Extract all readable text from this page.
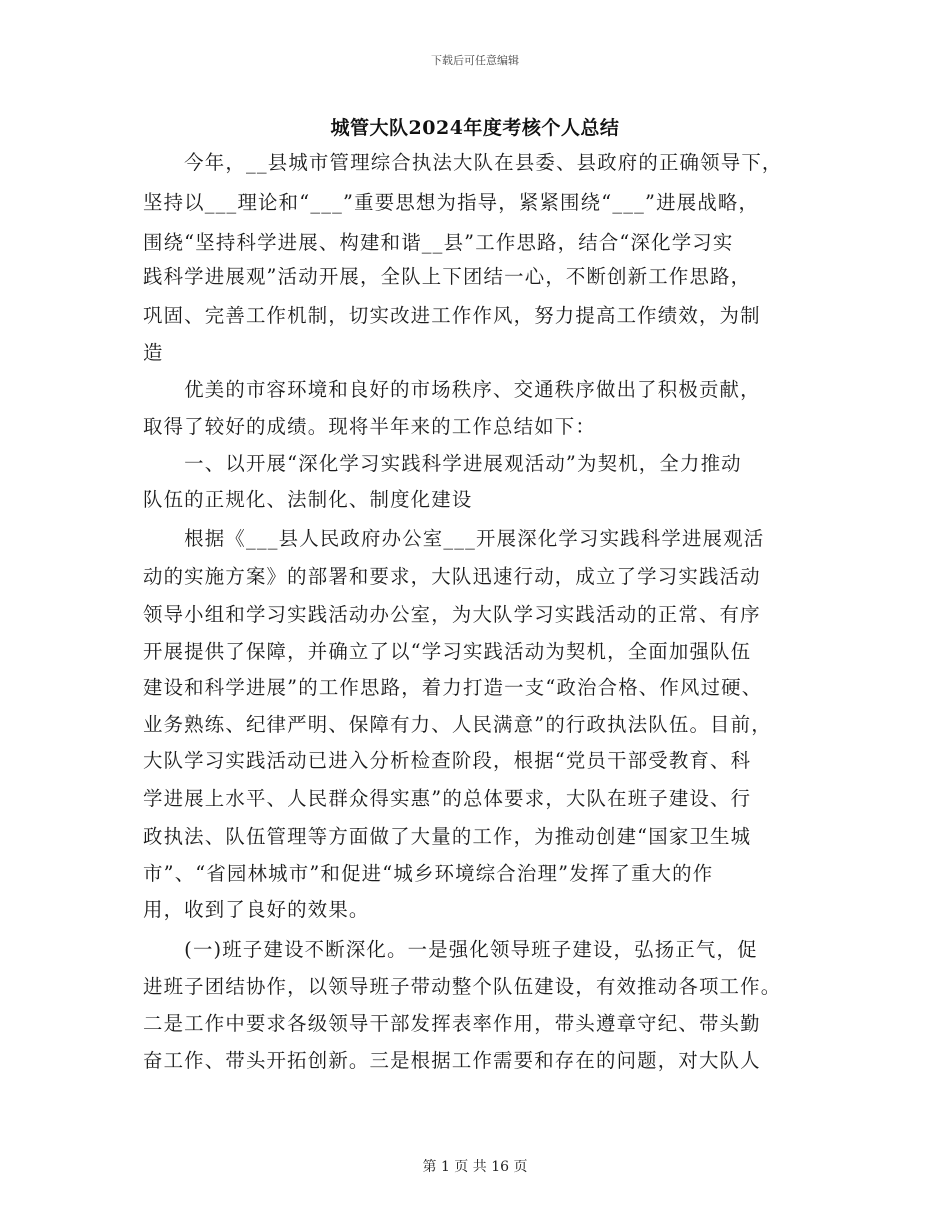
下载后可任意编辑
城管大队2024年度考核个人总结
　　今年，__县城市管理综合执法大队在县委、县政府的正确领导下，
坚持以___理论和“___”重要思想为指导，紧紧围绕“___”进展战略，
围绕“坚持科学进展、构建和谐__县”工作思路，结合“深化学习实
践科学进展观”活动开展，全队上下团结一心，不断创新工作思路，
巩固、完善工作机制，切实改进工作作风，努力提高工作绩效，为制
造
　　优美的市容环境和良好的市场秩序、交通秩序做出了积极贡献，
取得了较好的成绩。现将半年来的工作总结如下：
　　一、以开展“深化学习实践科学进展观活动”为契机，全力推动
队伍的正规化、法制化、制度化建设
　　根据《___县人民政府办公室___开展深化学习实践科学进展观活
动的实施方案》的部署和要求，大队迅速行动，成立了学习实践活动
领导小组和学习实践活动办公室，为大队学习实践活动的正常、有序
开展提供了保障，并确立了以“学习实践活动为契机，全面加强队伍
建设和科学进展”的工作思路，着力打造一支“政治合格、作风过硬、
业务熟练、纪律严明、保障有力、人民满意”的行政执法队伍。目前，
大队学习实践活动已进入分析检查阶段，根据“党员干部受教育、科
学进展上水平、人民群众得实惠”的总体要求，大队在班子建设、行
政执法、队伍管理等方面做了大量的工作，为推动创建“国家卫生城
市”、“省园林城市”和促进“城乡环境综合治理”发挥了重大的作
用，收到了良好的效果。
　　(一)班子建设不断深化。一是强化领导班子建设，弘扬正气，促
进班子团结协作，以领导班子带动整个队伍建设，有效推动各项工作。
二是工作中要求各级领导干部发挥表率作用，带头遵章守纪、带头勤
奋工作、带头开拓创新。三是根据工作需要和存在的问题，对大队人
第 1 页 共 16 页
